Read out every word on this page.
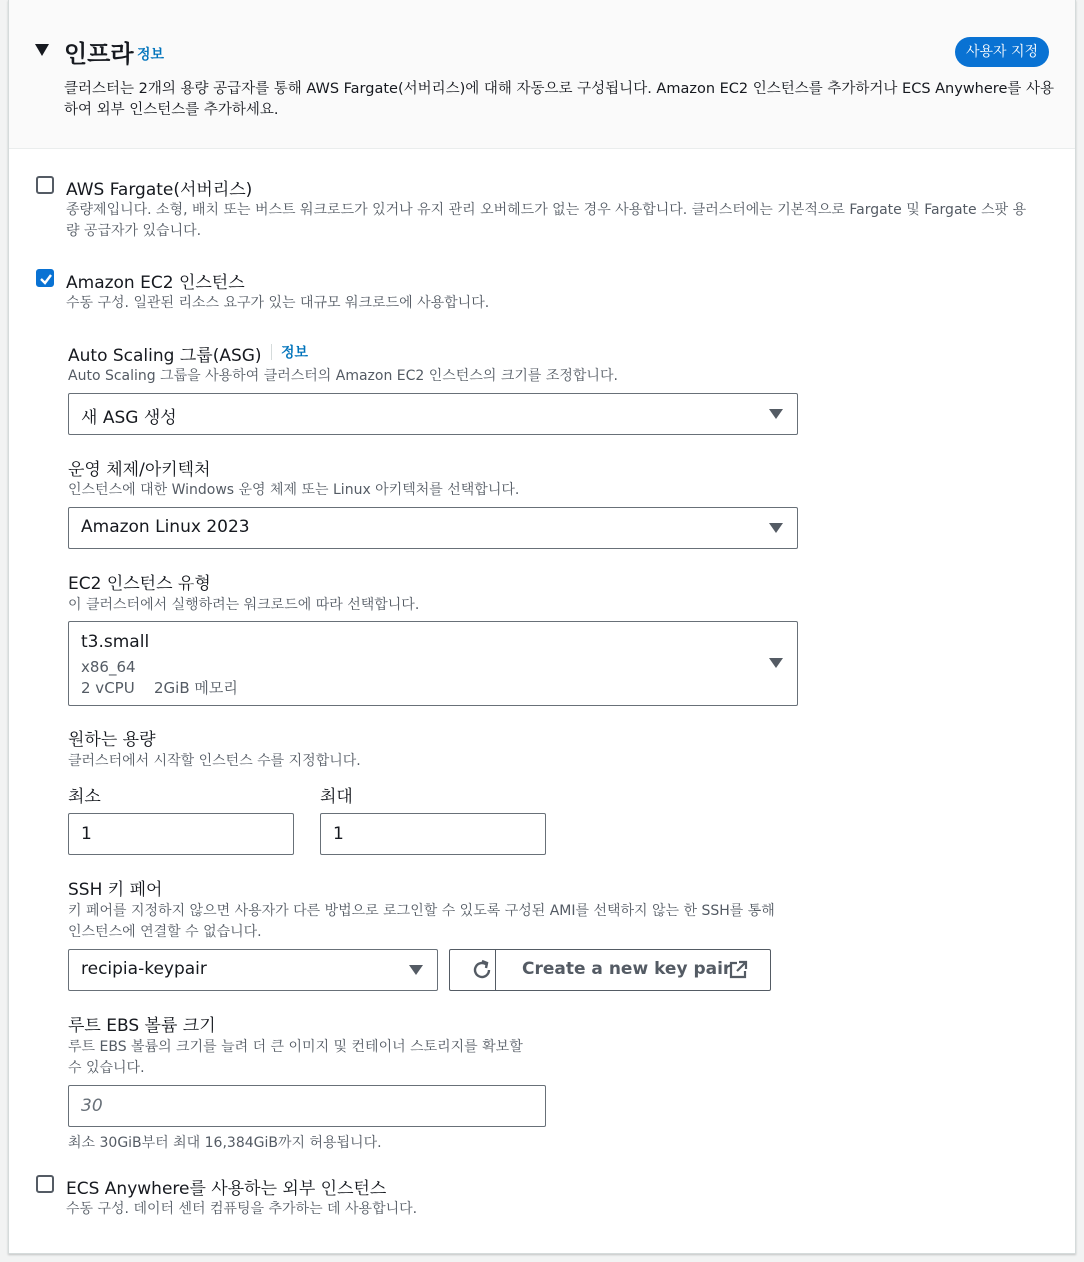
인프라 정보	사용자 지정
클러스터는 2개의 용량 공급자를 통해 AWS Fargate(서버리스)에 대해 자동으로 구성됩니다. Amazon EC2 인스턴스를 추가하거나 ECS Anywhere를 사용
하여 외부 인스턴스를 추가하세요.
AWS Fargate(서버리스)
종량제입니다. 소형, 배치 또는 버스트 워크로드가 있거나 유지 관리 오버헤드가 없는 경우 사용합니다. 클러스터에는 기본적으로 Fargate 및 Fargate 스팟 용
량 공급자가 있습니다.
Amazon EC2 인스턴스
수동 구성. 일관된 리소스 요구가 있는 대규모 워크로드에 사용합니다.
Auto Scaling 그룹(ASG) 정보
Auto Scaling 그룹을 사용하여 클러스터의 Amazon EC2 인스턴스의 크기를 조정합니다.
새 ASG 생성
운영 체제/아키텍처
인스턴스에 대한 Windows 운영 체제 또는 Linux 아키텍처를 선택합니다.
Amazon Linux 2023
EC2 인스턴스 유형
이 클러스터에서 실행하려는 워크로드에 따라 선택합니다.
t3.small
x86_64
2 vCPU 2GiB 메모리
원하는 용량
클러스터에서 시작할 인스턴스 수를 지정합니다.
최소	최대
1	1
SSH 키 페어
키 페어를 지정하지 않으면 사용자가 다른 방법으로 로그인할 수 있도록 구성된 AMI를 선택하지 않는 한 SSH를 통해
인스턴스에 연결할 수 없습니다.
recipia-keypair	Create a new key pair
루트 EBS 볼륨 크기
루트 EBS 볼륨의 크기를 늘려 더 큰 이미지 및 컨테이너 스토리지를 확보할
수 있습니다.
30
최소 30GiB부터 최대 16,384GiB까지 허용됩니다.
ECS Anywhere를 사용하는 외부 인스턴스
수동 구성. 데이터 센터 컴퓨팅을 추가하는 데 사용합니다.
